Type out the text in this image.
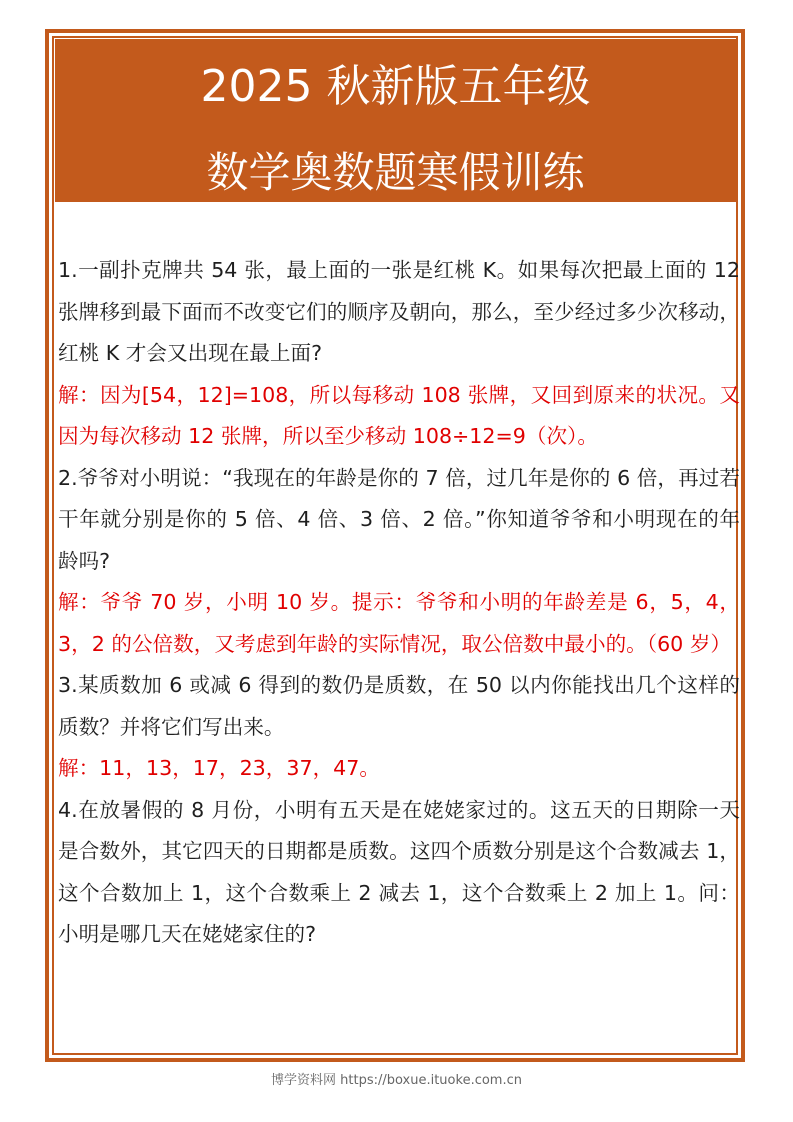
2025 秋新版五年级
数学奥数题寒假训练

1.一副扑克牌共 54 张，最上面的一张是红桃 K。如果每次把最上面的 12 张牌移到最下面而不改变它们的顺序及朝向，那么，至少经过多少次移动，红桃 K 才会又出现在最上面?

解：因为[54，12]=108，所以每移动 108 张牌，又回到原来的状况。又因为每次移动 12 张牌，所以至少移动 108÷12=9（次）。

2.爷爷对小明说：“我现在的年龄是你的 7 倍，过几年是你的 6 倍，再过若干年就分别是你的 5 倍、4 倍、3 倍、2 倍。”你知道爷爷和小明现在的年龄吗?

解：爷爷 70 岁，小明 10 岁。提示：爷爷和小明的年龄差是 6，5，4，3，2 的公倍数，又考虑到年龄的实际情况，取公倍数中最小的。（60 岁）

3.某质数加 6 或减 6 得到的数仍是质数，在 50 以内你能找出几个这样的质数？并将它们写出来。

解：11，13，17，23，37，47。

4.在放暑假的 8 月份，小明有五天是在姥姥家过的。这五天的日期除一天是合数外，其它四天的日期都是质数。这四个质数分别是这个合数减去 1，这个合数加上 1，这个合数乘上 2 减去 1，这个合数乘上 2 加上 1。问：小明是哪几天在姥姥家住的?

博学资料网 https://boxue.ituoke.com.cn
